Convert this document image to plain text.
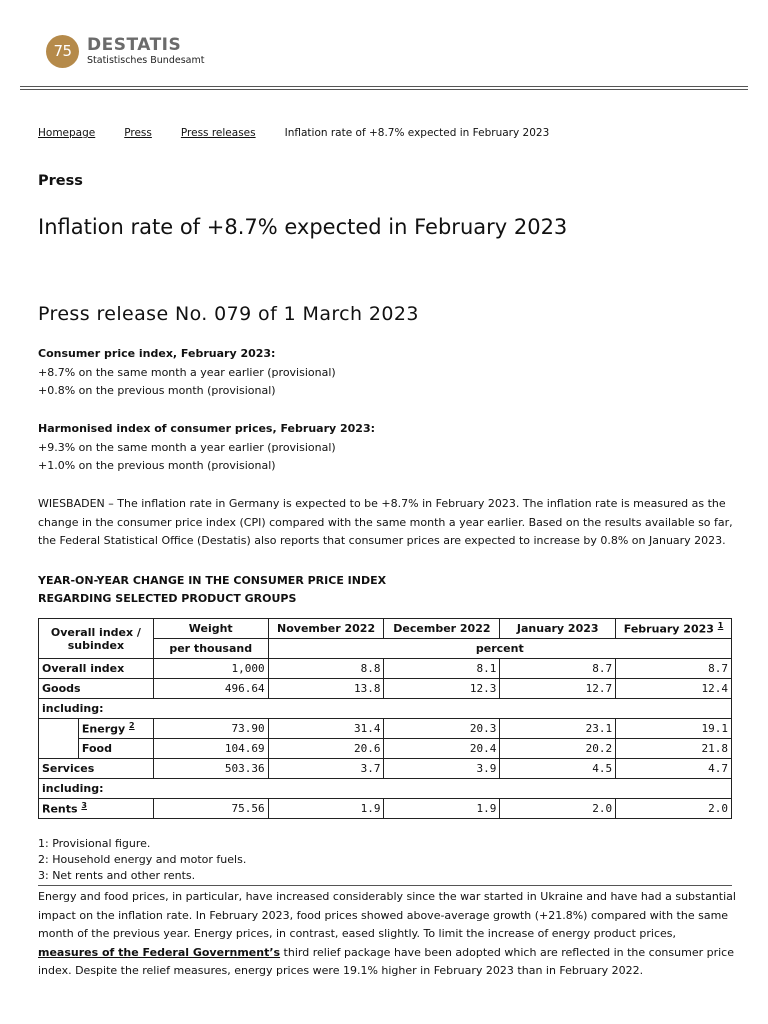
75 DESTATIS
Statistisches Bundesamt
Homepage	Press	Press releases	Inflation rate of +8.7% expected in February 2023
Press
Inflation rate of +8.7% expected in February 2023
Press release No. 079 of 1 March 2023
Consumer price index, February 2023:
+8.7% on the same month a year earlier (provisional)
+0.8% on the previous month (provisional)
Harmonised index of consumer prices, February 2023:
+9.3% on the same month a year earlier (provisional)
+1.0% on the previous month (provisional)

WIESBADEN – The inflation rate in Germany is expected to be +8.7% in February 2023. The inflation rate is measured as the change in the consumer price index (CPI) compared with the same month a year earlier. Based on the results available so far, the Federal Statistical Office (Destatis) also reports that consumer prices are expected to increase by 0.8% on January 2023.

YEAR-ON-YEAR CHANGE IN THE CONSUMER PRICE INDEX
REGARDING SELECTED PRODUCT GROUPS
Overall index / subindex		Weight	November 2022	December 2022	January 2023	February 2023 $^1$
		per thousand	percent			
Overall index		1,000	8.8	8.1	8.7	8.7
Goods		496.64	13.8	12.3	12.7	12.4
including:						
	Energy $^2$	73.90	31.4	20.3	23.1	19.1
	Food	104.69	20.6	20.4	20.2	21.8
Services		503.36	3.7	3.9	4.5	4.7
including:						
Rents $^3$		75.56	1.9	1.9	2.0	2.0
1: Provisional figure.
2: Household energy and motor fuels.
3: Net rents and other rents.

Energy and food prices, in particular, have increased considerably since the war started in Ukraine and have had a substantial impact on the inflation rate. In February 2023, food prices showed above-average growth (+21.8%) compared with the same month of the previous year. Energy prices, in contrast, eased slightly. To limit the increase of energy product prices, measures of the Federal Government’s third relief package have been adopted which are reflected in the consumer price index. Despite the relief measures, energy prices were 19.1% higher in February 2023 than in February 2022.
